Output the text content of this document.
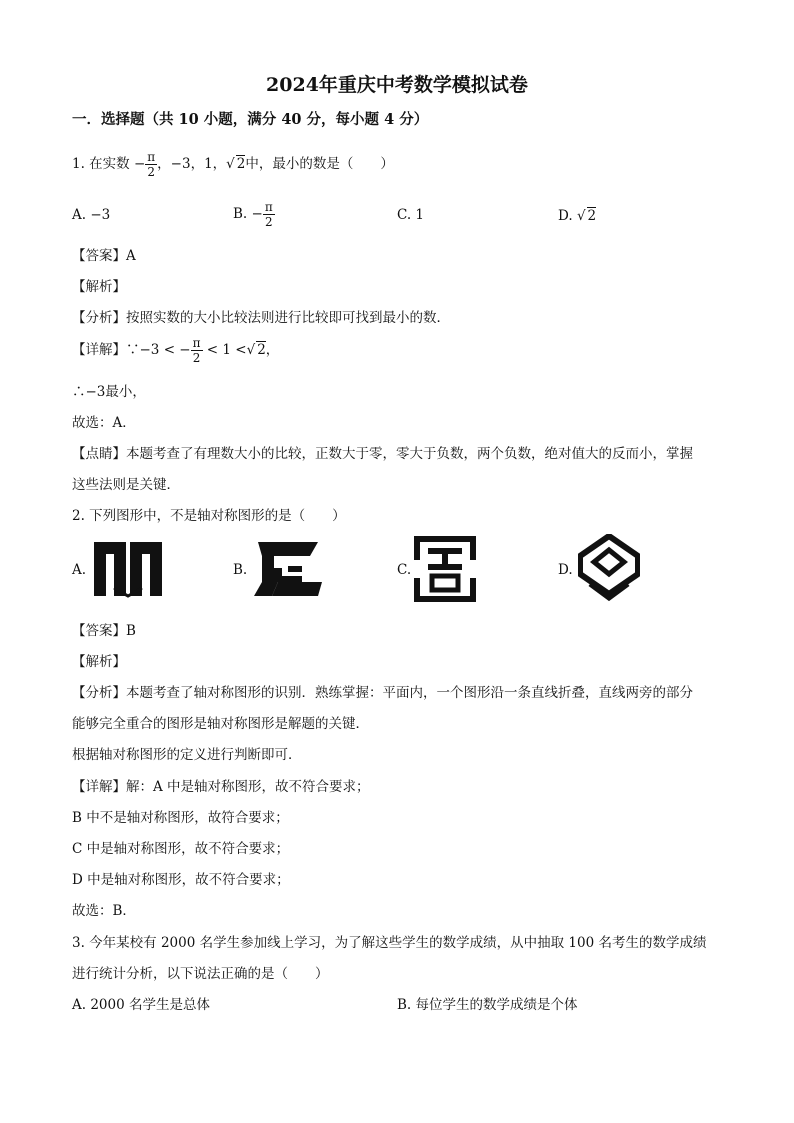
2024年重庆中考数学模拟试卷
一．选择题（共 10 小题，满分 40 分，每小题 4 分）
1. 在实数 − $\frac{\pi}{2}$ ，−3，1，√ 2中，最小的数是（　　）
A. −3	B. − $\frac{\pi}{2}$	C. 1	D. √ 2
【答案】A
【解析】
【分析】按照实数的大小比较法则进行比较即可找到最小的数．
【详解】∵−3 < − $\frac{\pi}{2} < 1$ <√ 2，
∴−3最小，
故选：A．
【点睛】本题考查了有理数大小的比较，正数大于零，零大于负数，两个负数，绝对值大的反而小，掌握
这些法则是关键．
2. 下列图形中，不是轴对称图形的是（　　）
A.	B.	C.	D.
【答案】B
【解析】
【分析】本题考查了轴对称图形的识别．熟练掌握：平面内，一个图形沿一条直线折叠，直线两旁的部分
能够完全重合的图形是轴对称图形是解题的关键．
根据轴对称图形的定义进行判断即可．
【详解】解：A 中是轴对称图形，故不符合要求；
B 中不是轴对称图形，故符合要求；
C 中是轴对称图形，故不符合要求；
D 中是轴对称图形，故不符合要求；
故选：B．
3. 今年某校有 2000 名学生参加线上学习，为了解这些学生的数学成绩，从中抽取 100 名考生的数学成绩
进行统计分析，以下说法正确的是（　　）
A. 2000 名学生是总体	B. 每位学生的数学成绩是个体
